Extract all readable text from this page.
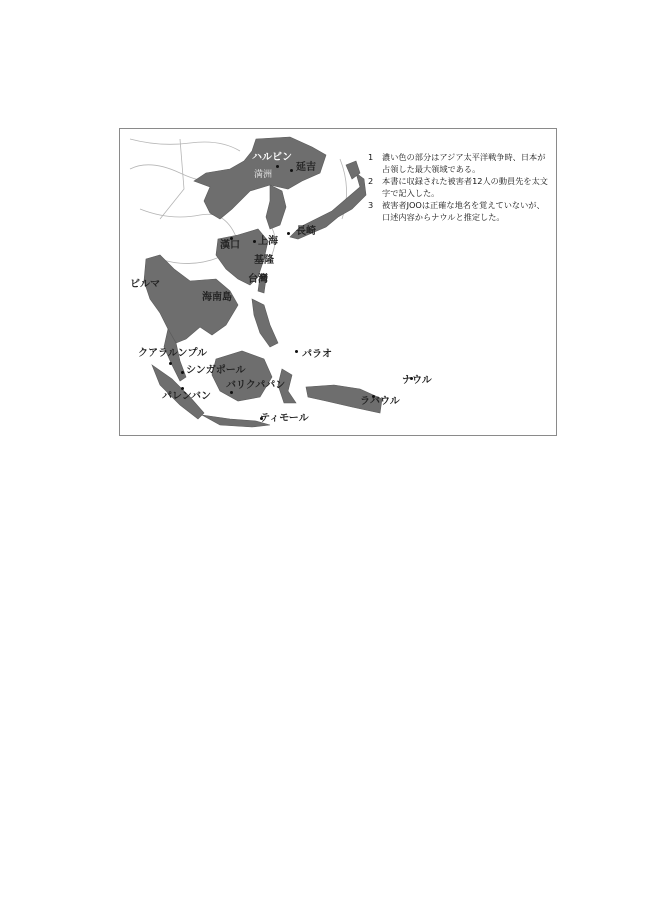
ハルビン
満洲
延吉
長崎
漢口 上海
基隆
台灣
ビルマ
海南島
クアラルンプル
シンガポール
パラオ
バリクパパン
パレンバン
ナウル
ラバウル
ティモール
1 濃い色の部分はアジア太平洋戦争時、日本が占領した最大領域である。
2 本書に収録された被害者12人の動員先を太文字で記入した。
3 被害者JOOは正確な地名を覚えていないが、口述内容からナウルと推定した。
